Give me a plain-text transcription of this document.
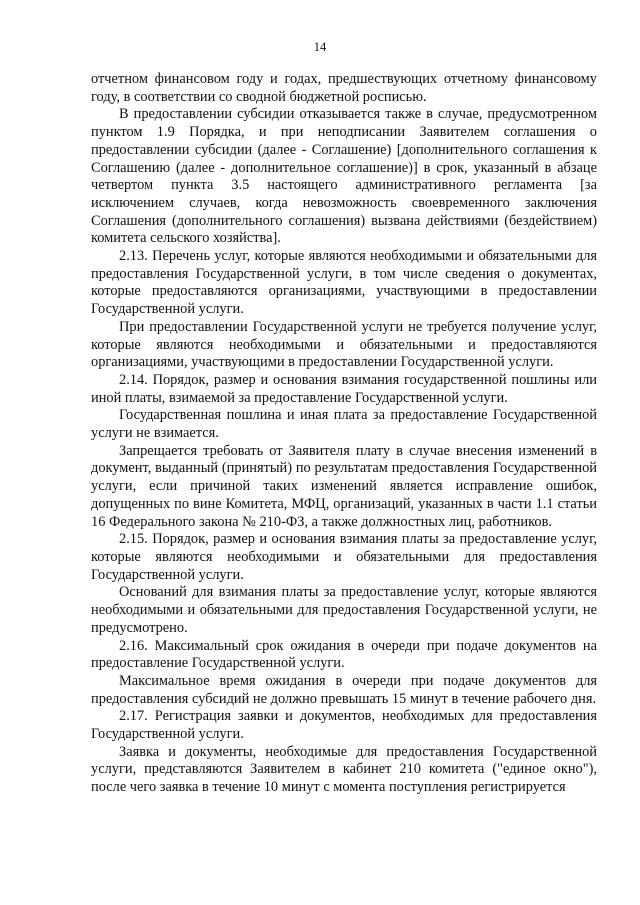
14

отчетном финансовом году и годах, предшествующих отчетному финансовому году, в соответствии со сводной бюджетной росписью.

В предоставлении субсидии отказывается также в случае, предусмотренном пунктом 1.9 Порядка, и при неподписании Заявителем соглашения о предоставлении субсидии (далее - Соглашение) [дополнительного соглашения к Соглашению (далее - дополнительное соглашение)] в срок, указанный в абзаце четвертом пункта 3.5 настоящего административного регламента [за исключением случаев, когда невозможность своевременного заключения Соглашения (дополнительного соглашения) вызвана действиями (бездействием) комитета сельского хозяйства].

2.13. Перечень услуг, которые являются необходимыми и обязательными для предоставления Государственной услуги, в том числе сведения о документах, которые предоставляются организациями, участвующими в предоставлении Государственной услуги.

При предоставлении Государственной услуги не требуется получение услуг, которые являются необходимыми и обязательными и предоставляются организациями, участвующими в предоставлении Государственной услуги.

2.14. Порядок, размер и основания взимания государственной пошлины или иной платы, взимаемой за предоставление Государственной услуги.

Государственная пошлина и иная плата за предоставление Государственной услуги не взимается.

Запрещается требовать от Заявителя плату в случае внесения изменений в документ, выданный (принятый) по результатам предоставления Государственной услуги, если причиной таких изменений является исправление ошибок, допущенных по вине Комитета, МФЦ, организаций, указанных в части 1.1 статьи 16 Федерального закона № 210-ФЗ, а также должностных лиц, работников.

2.15. Порядок, размер и основания взимания платы за предоставление услуг, которые являются необходимыми и обязательными для предоставления Государственной услуги.

Оснований для взимания платы за предоставление услуг, которые являются необходимыми и обязательными для предоставления Государственной услуги, не предусмотрено.

2.16. Максимальный срок ожидания в очереди при подаче документов на предоставление Государственной услуги.

Максимальное время ожидания в очереди при подаче документов для предоставления субсидий не должно превышать 15 минут в течение рабочего дня.

2.17. Регистрация заявки и документов, необходимых для предоставления Государственной услуги.

Заявка и документы, необходимые для предоставления Государственной услуги, представляются Заявителем в кабинет 210 комитета ("единое окно"), после чего заявка в течение 10 минут с момента поступления регистрируется
